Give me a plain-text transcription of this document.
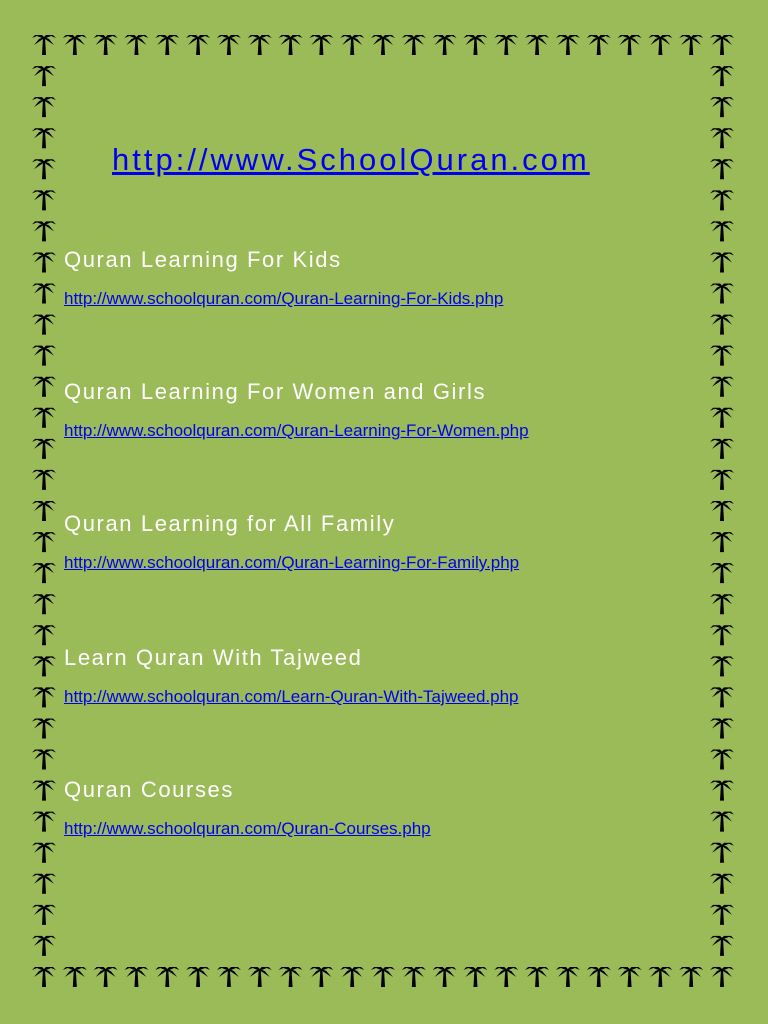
http://www.SchoolQuran.com
Quran Learning For Kids
http://www.schoolquran.com/Quran-Learning-For-Kids.php
Quran Learning For Women and Girls
http://www.schoolquran.com/Quran-Learning-For-Women.php
Quran Learning for All Family
http://www.schoolquran.com/Quran-Learning-For-Family.php
Learn Quran With Tajweed
http://www.schoolquran.com/Learn-Quran-With-Tajweed.php
Quran Courses
http://www.schoolquran.com/Quran-Courses.php
